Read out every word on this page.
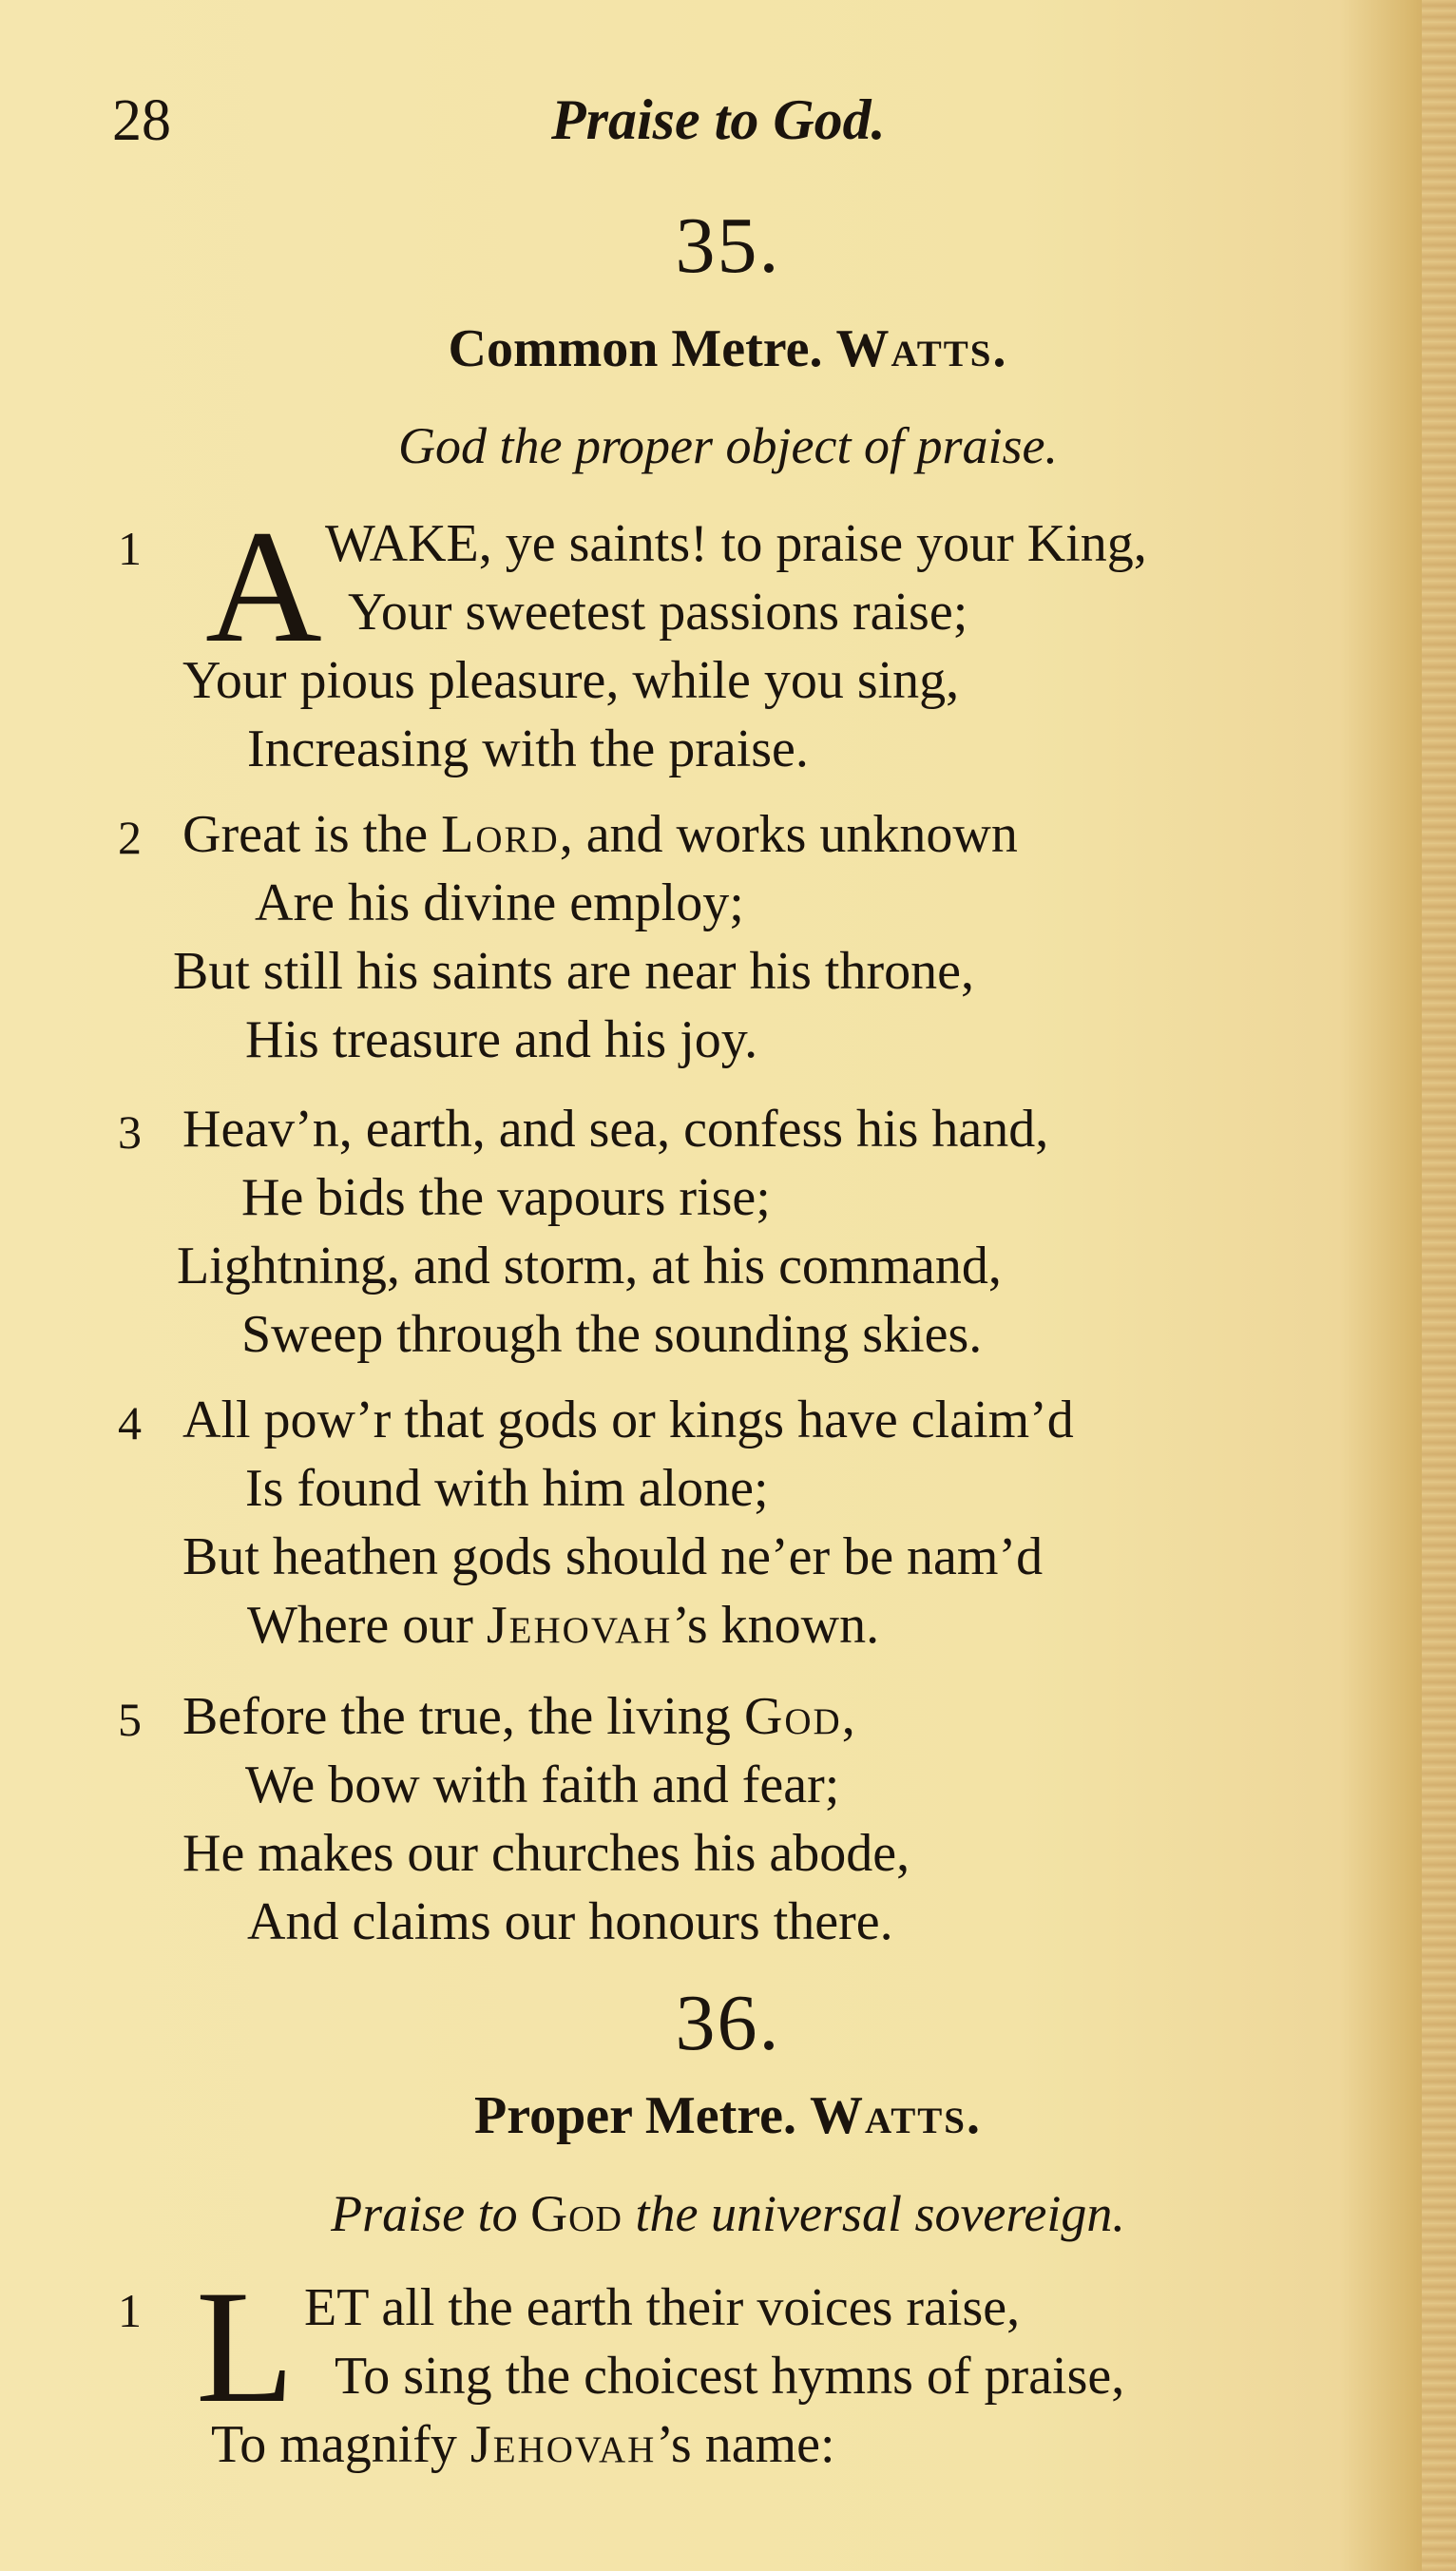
28	Praise to God.
35.
Common Metre. Watts.
God the proper object of praise.
1 A WAKE, ye saints! to praise your King,
Your sweetest passions raise;
Your pious pleasure, while you sing,
Increasing with the praise.
2 Great is the Lord, and works unknown
Are his divine employ;
But still his saints are near his throne,
His treasure and his joy.
3 Heav’n, earth, and sea, confess his hand,
He bids the vapours rise;
Lightning, and storm, at his command,
Sweep through the sounding skies.
4 All pow’r that gods or kings have claim’d
Is found with him alone;
But heathen gods should ne’er be nam’d
Where our Jehovah’s known.
5 Before the true, the living God,
We bow with faith and fear;
He makes our churches his abode,
And claims our honours there.
36.
Proper Metre. Watts.
Praise to God the universal sovereign.
1 L ET all the earth their voices raise,
To sing the choicest hymns of praise,
To magnify Jehovah’s name:
